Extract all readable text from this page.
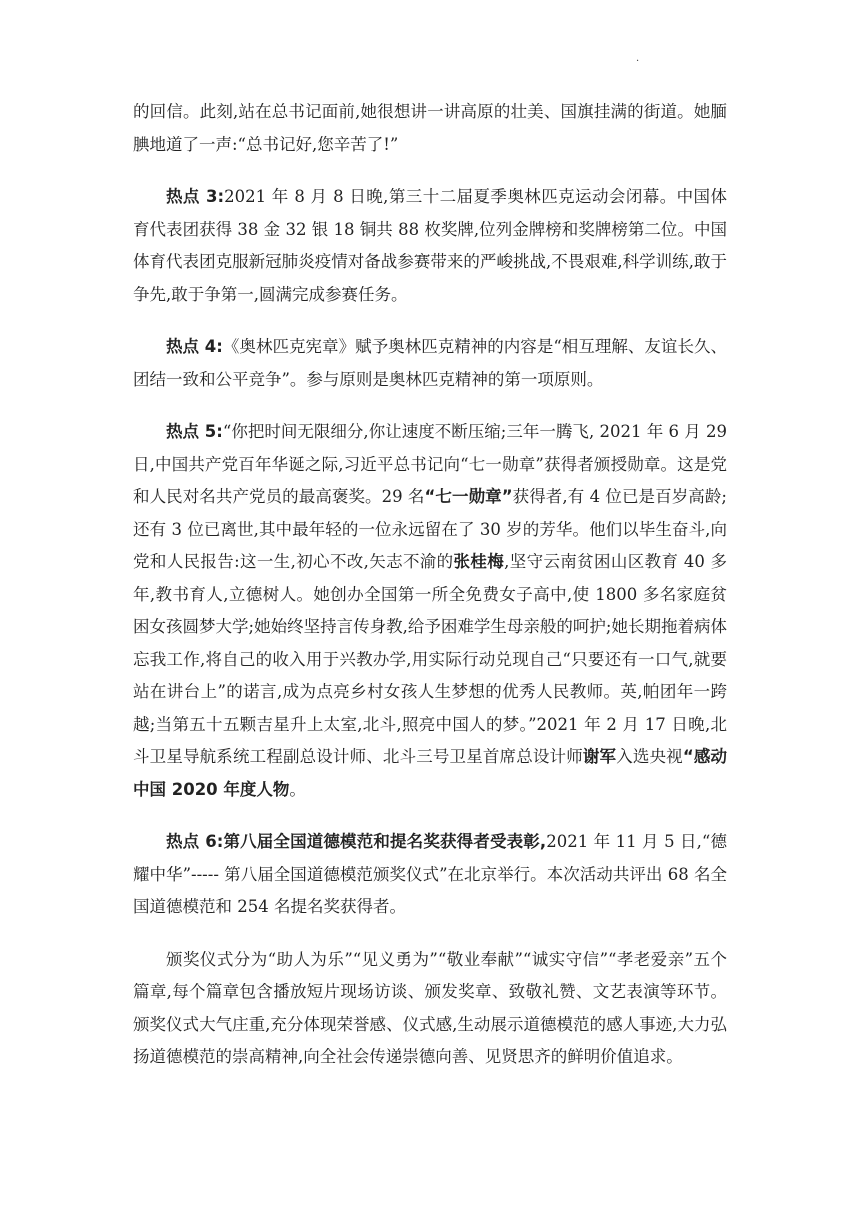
·

的回信。此刻,站在总书记面前,她很想讲一讲高原的壮美、国旗挂满的街道。她腼腆地道了一声:“总书记好,您辛苦了!”

热点 3:2021 年 8 月 8 日晚,第三十二届夏季奥林匹克运动会闭幕。中国体育代表团获得 38 金 32 银 18 铜共 88 枚奖牌,位列金牌榜和奖牌榜第二位。中国体育代表团克服新冠肺炎疫情对备战参赛带来的严峻挑战,不畏艰难,科学训练,敢于争先,敢于争第一,圆满完成参赛任务。

热点 4:《奥林匹克宪章》赋予奥林匹克精神的内容是“相互理解、友谊长久、团结一致和公平竞争”。参与原则是奥林匹克精神的第一项原则。

热点 5:“你把时间无限细分,你让速度不断压缩;三年一腾飞, 2021 年 6 月 29 日,中国共产党百年华诞之际,习近平总书记向“七一勋章”获得者颁授勋章。这是党和人民对名共产党员的最高褒奖。29 名“七一勋章”获得者,有 4 位已是百岁高龄;还有 3 位已离世,其中最年轻的一位永远留在了 30 岁的芳华。他们以毕生奋斗,向党和人民报告:这一生,初心不改,矢志不渝的张桂梅,坚守云南贫困山区教育 40 多年,教书育人,立德树人。她创办全国第一所全免费女子高中,使 1800 多名家庭贫困女孩圆梦大学;她始终坚持言传身教,给予困难学生母亲般的呵护;她长期拖着病体忘我工作,将自己的收入用于兴教办学,用实际行动兑现自己“只要还有一口气,就要站在讲台上”的诺言,成为点亮乡村女孩人生梦想的优秀人民教师。英,帕团年一跨越;当第五十五颗吉星升上太室,北斗,照亮中国人的梦。”2021 年 2 月 17 日晚,北斗卫星导航系统工程副总设计师、北斗三号卫星首席总设计师谢军入选央视“感动中国 2020 年度人物。

热点 6:第八届全国道德模范和提名奖获得者受表彰,2021 年 11 月 5 日,“德耀中华”----- 第八届全国道德模范颁奖仪式”在北京举行。本次活动共评出 68 名全国道德模范和 254 名提名奖获得者。

颁奖仪式分为“助人为乐”“见义勇为”“敬业奉献”“诚实守信”“孝老爱亲”五个篇章,每个篇章包含播放短片现场访谈、颁发奖章、致敬礼赞、文艺表演等环节。颁奖仪式大气庄重,充分体现荣誉感、仪式感,生动展示道德模范的感人事迹,大力弘扬道德模范的崇高精神,向全社会传递崇德向善、见贤思齐的鲜明价值追求。
